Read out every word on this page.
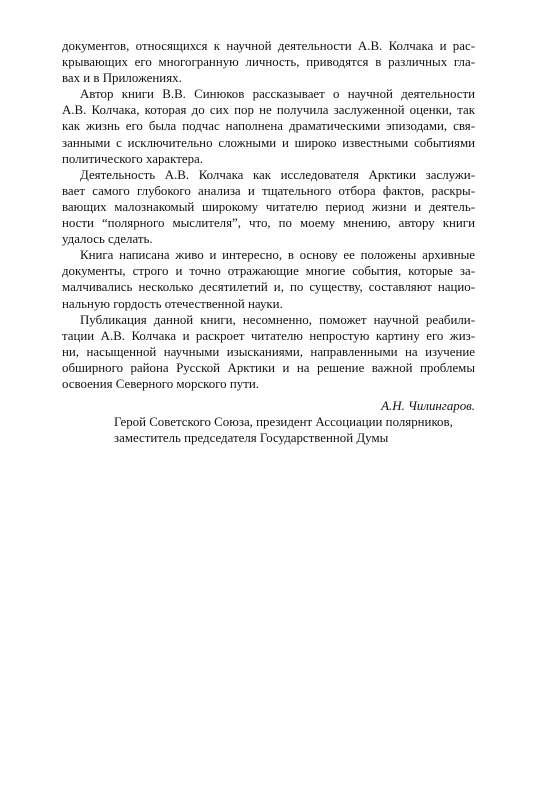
документов, относящихся к научной деятельности А.В. Колчака и рас-
крывающих его многогранную личность, приводятся в различных гла-
вах и в Приложениях.
Автор книги В.В. Синюков рассказывает о научной деятельности
А.В. Колчака, которая до сих пор не получила заслуженной оценки, так
как жизнь его была подчас наполнена драматическими эпизодами, свя-
занными с исключительно сложными и широко известными событиями
политического характера.
Деятельность А.В. Колчака как исследователя Арктики заслужи-
вает самого глубокого анализа и тщательного отбора фактов, раскры-
вающих малознакомый широкому читателю период жизни и деятель-
ности “полярного мыслителя”, что, по моему мнению, автору книги
удалось сделать.
Книга написана живо и интересно, в основу ее положены архивные
документы, строго и точно отражающие многие события, которые за-
малчивались несколько десятилетий и, по существу, составляют нацио-
нальную гордость отечественной науки.
Публикация данной книги, несомненно, поможет научной реабили-
тации А.В. Колчака и раскроет читателю непростую картину его жиз-
ни, насыщенной научными изысканиями, направленными на изучение
обширного района Русской Арктики и на решение важной проблемы
освоения Северного морского пути.
А.Н. Чилингаров.
Герой Советского Союза, президент Ассоциации полярников,
заместитель председателя Государственной Думы
